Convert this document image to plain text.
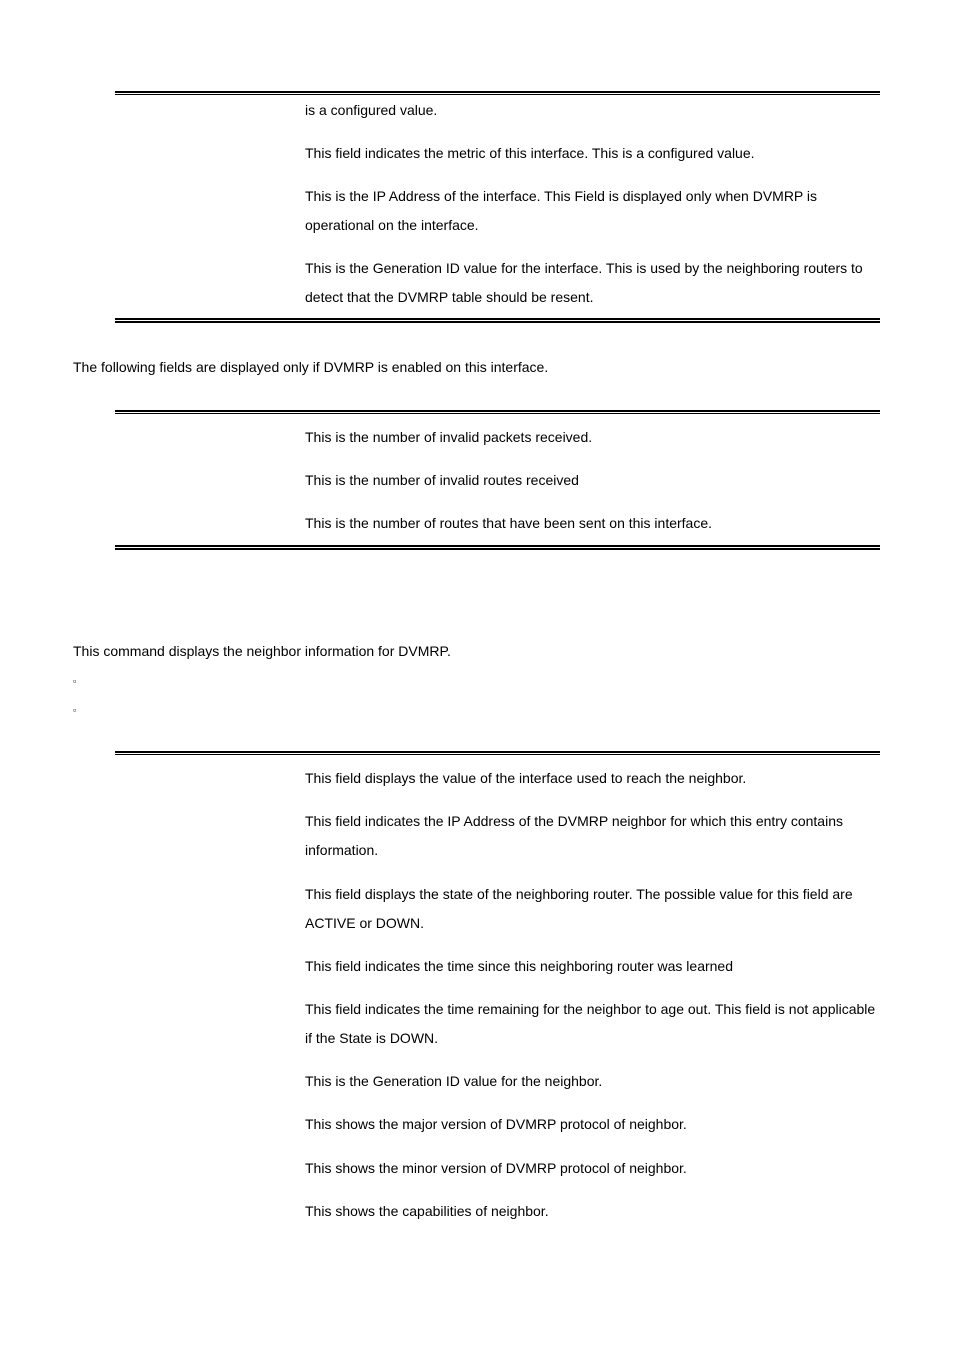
is a configured value.
This field indicates the metric of this interface. This is a configured value.
This is the IP Address of the interface. This Field is displayed only when DVMRP is operational on the interface.
This is the Generation ID value for the interface. This is used by the neighboring routers to detect that the DVMRP table should be resent.
The following fields are displayed only if DVMRP is enabled on this interface.
This is the number of invalid packets received.
This is the number of invalid routes received
This is the number of routes that have been sent on this interface.
This command displays the neighbor information for DVMRP.
▫
▫
This field displays the value of the interface used to reach the neighbor.
This field indicates the IP Address of the DVMRP neighbor for which this entry contains information.
This field displays the state of the neighboring router. The possible value for this field are ACTIVE or DOWN.
This field indicates the time since this neighboring router was learned
This field indicates the time remaining for the neighbor to age out. This field is not applicable if the State is DOWN.
This is the Generation ID value for the neighbor.
This shows the major version of DVMRP protocol of neighbor.
This shows the minor version of DVMRP protocol of neighbor.
This shows the capabilities of neighbor.
